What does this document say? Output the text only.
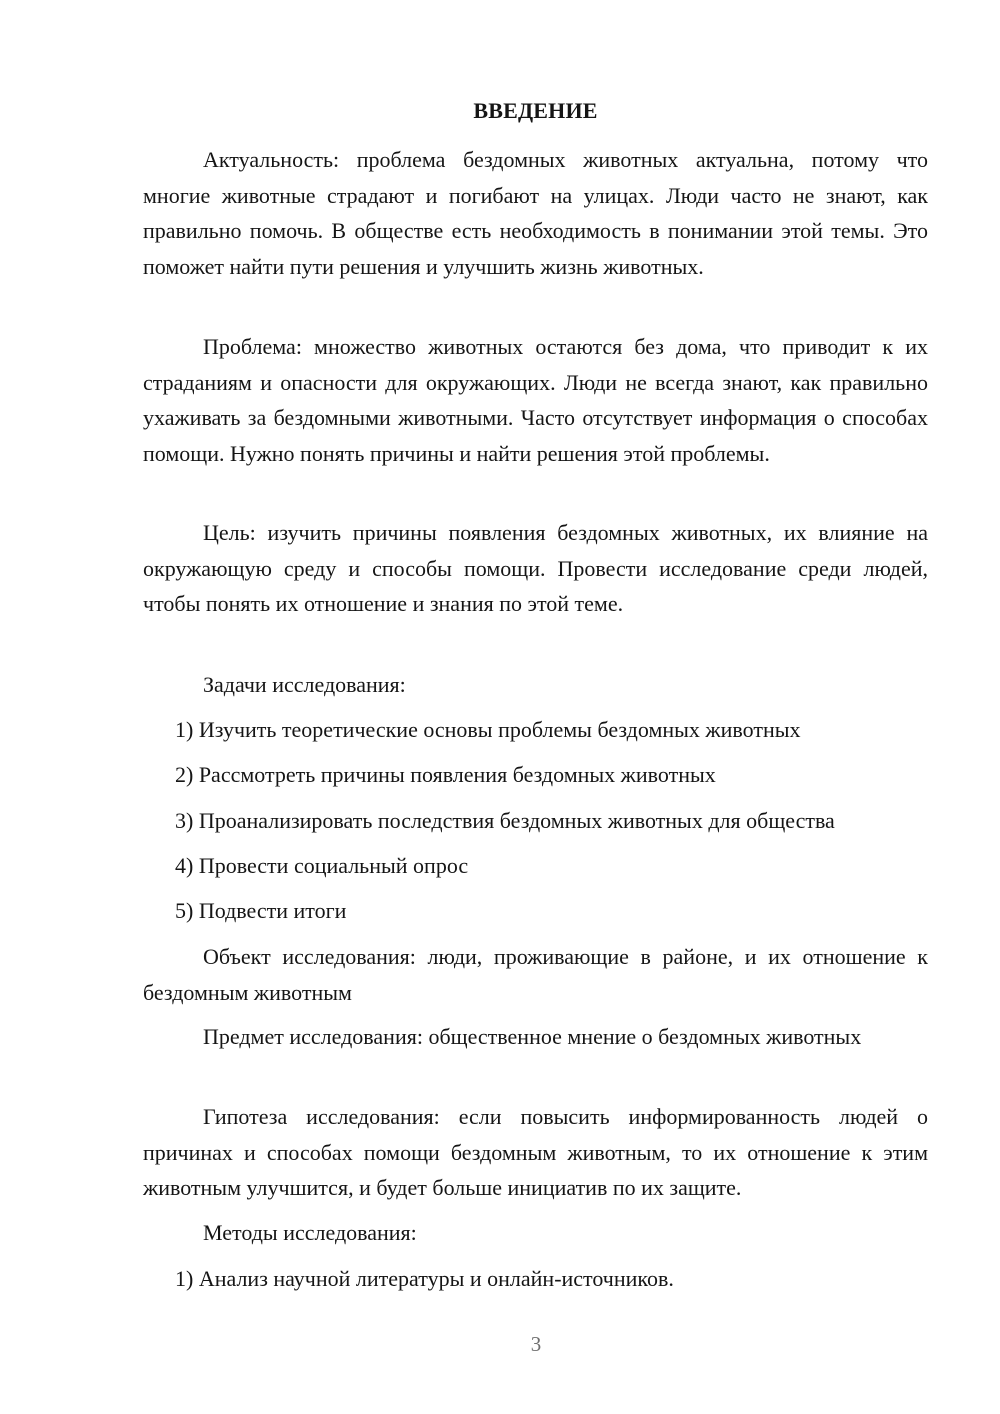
ВВЕДЕНИЕ

Актуальность: проблема бездомных животных актуальна, потому что многие животные страдают и погибают на улицах. Люди часто не знают, как правильно помочь. В обществе есть необходимость в понимании этой темы. Это поможет найти пути решения и улучшить жизнь животных.

Проблема: множество животных остаются без дома, что приводит к их страданиям и опасности для окружающих. Люди не всегда знают, как правильно ухаживать за бездомными животными. Часто отсутствует информация о способах помощи. Нужно понять причины и найти решения этой проблемы.

Цель: изучить причины появления бездомных животных, их влияние на окружающую среду и способы помощи. Провести исследование среди людей, чтобы понять их отношение и знания по этой теме.

Задачи исследования:
1) Изучить теоретические основы проблемы бездомных животных
2) Рассмотреть причины появления бездомных животных
3) Проанализировать последствия бездомных животных для общества
4) Провести социальный опрос
5) Подвести итоги

Объект исследования: люди, проживающие в районе, и их отношение к бездомным животным

Предмет исследования: общественное мнение о бездомных животных

Гипотеза исследования: если повысить информированность людей о причинах и способах помощи бездомным животным, то их отношение к этим животным улучшится, и будет больше инициатив по их защите.

Методы исследования:
1) Анализ научной литературы и онлайн-источников.
3
